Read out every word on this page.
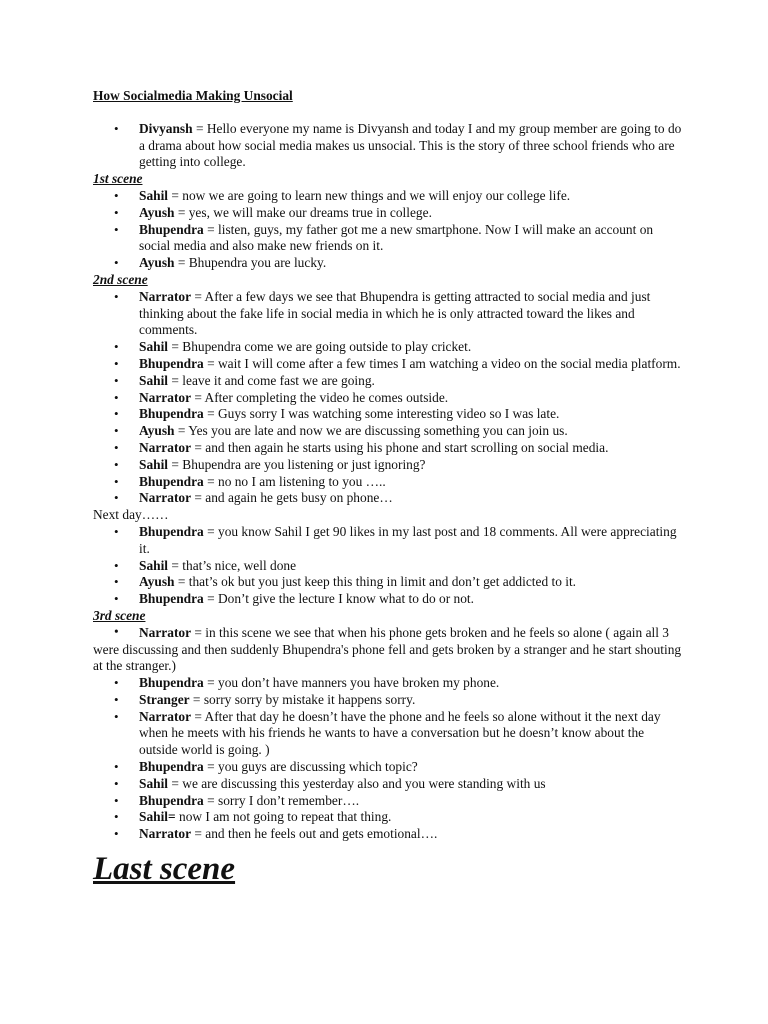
How Socialmedia Making Unsocial
• Divyansh = Hello everyone my name is Divyansh and today I and my group member are going to do a drama about how social media makes us unsocial. This is the story of three school friends who are getting into college.
1st scene
• Sahil = now we are going to learn new things and we will enjoy our college life.
• Ayush = yes, we will make our dreams true in college.
• Bhupendra = listen, guys, my father got me a new smartphone. Now I will make an account on social media and also make new friends on it.
• Ayush = Bhupendra you are lucky.
2nd scene
• Narrator = After a few days we see that Bhupendra is getting attracted to social media and just thinking about the fake life in social media in which he is only attracted toward the likes and comments.
• Sahil = Bhupendra come we are going outside to play cricket.
• Bhupendra = wait I will come after a few times I am watching a video on the social media platform.
• Sahil = leave it and come fast we are going.
• Narrator = After completing the video he comes outside.
• Bhupendra = Guys sorry I was watching some interesting video so I was late.
• Ayush = Yes you are late and now we are discussing something you can join us.
• Narrator = and then again he starts using his phone and start scrolling on social media.
• Sahil = Bhupendra are you listening or just ignoring?
• Bhupendra = no no I am listening to you …..
• Narrator = and again he gets busy on phone…
Next day……
• Bhupendra = you know Sahil I get 90 likes in my last post and 18 comments. All were appreciating it.
• Sahil = that’s nice, well done
• Ayush = that’s ok but you just keep this thing in limit and don’t get addicted to it.
• Bhupendra = Don’t give the lecture I know what to do or not.
3rd scene
• Narrator = in this scene we see that when his phone gets broken and he feels so alone ( again all 3 were discussing and then suddenly Bhupendra's phone fell and gets broken by a stranger and he start shouting at the stranger.)
• Bhupendra = you don’t have manners you have broken my phone.
• Stranger = sorry sorry by mistake it happens sorry.
• Narrator = After that day he doesn’t have the phone and he feels so alone without it the next day when he meets with his friends he wants to have a conversation but he doesn’t know about the outside world is going. )
• Bhupendra = you guys are discussing which topic?
• Sahil = we are discussing this yesterday also and you were standing with us
• Bhupendra = sorry I don’t remember….
• Sahil= now I am not going to repeat that thing.
• Narrator = and then he feels out and gets emotional….
Last scene
